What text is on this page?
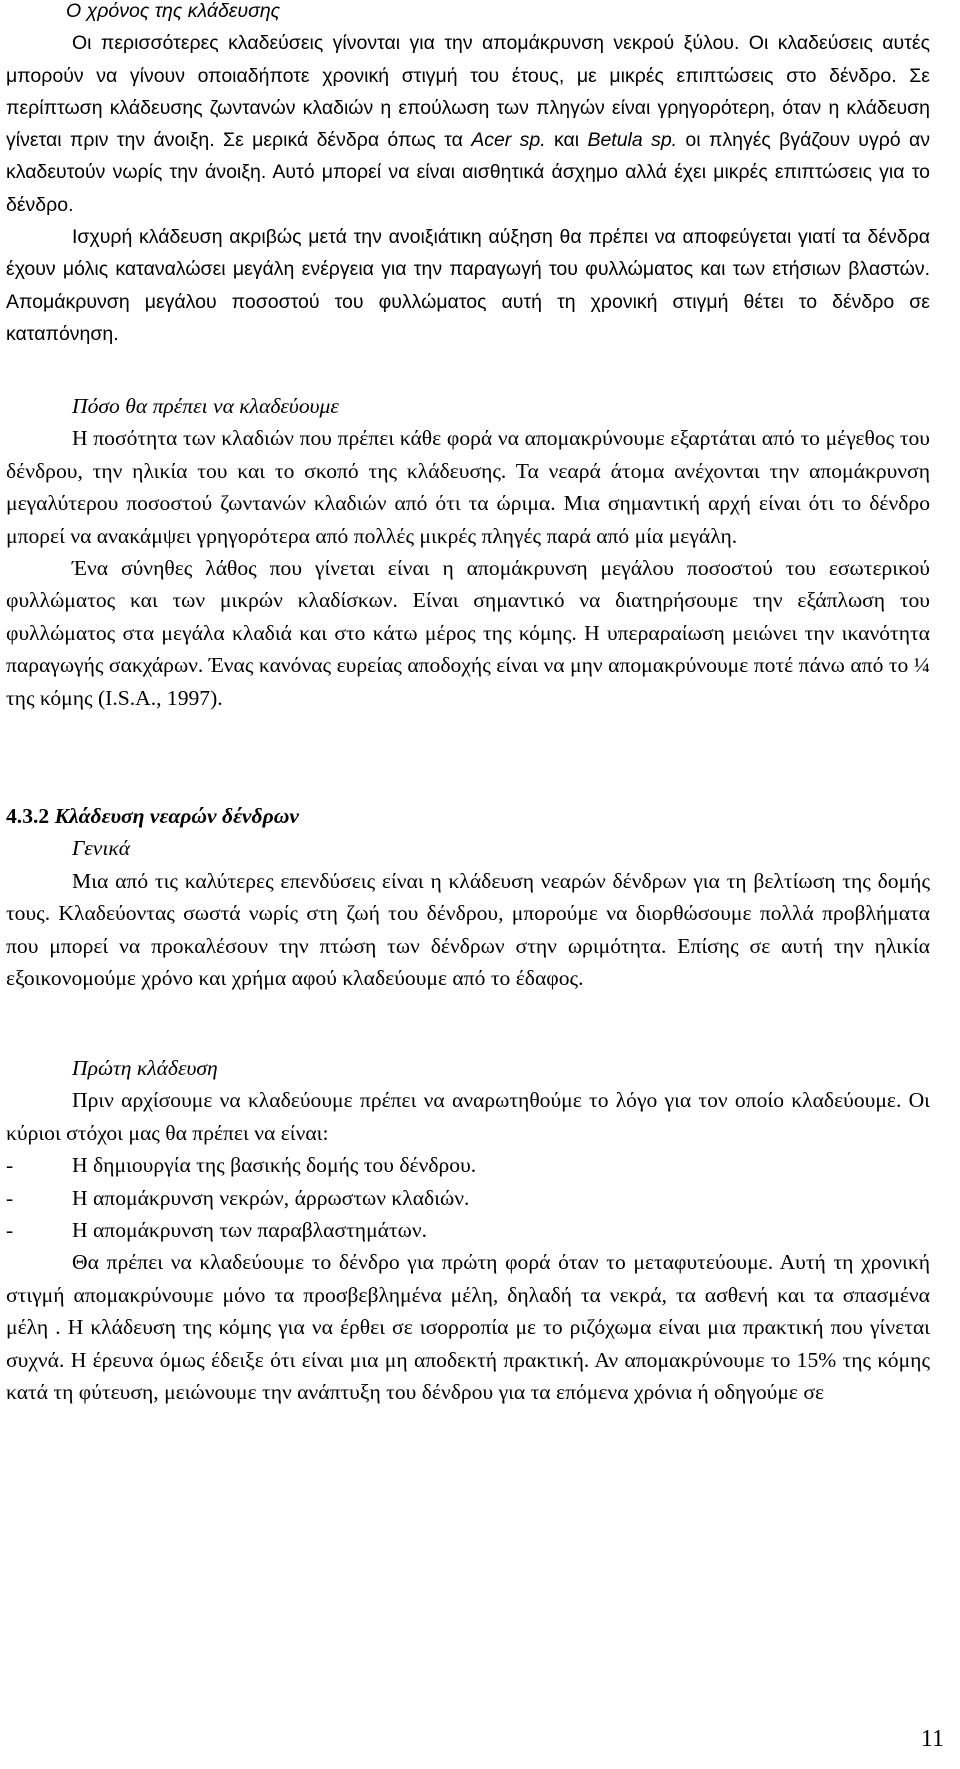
Ο χρόνος της κλάδευσης

Οι περισσότερες κλαδεύσεις γίνονται για την απομάκρυνση νεκρού ξύλου. Οι κλαδεύσεις αυτές μπορούν να γίνουν οποιαδήποτε χρονική στιγμή του έτους, με μικρές επιπτώσεις στο δένδρο. Σε περίπτωση κλάδευσης ζωντανών κλαδιών η επούλωση των πληγών είναι γρηγορότερη, όταν η κλάδευση γίνεται πριν την άνοιξη. Σε μερικά δένδρα όπως τα Acer sp. και Betula sp. οι πληγές βγάζουν υγρό αν κλαδευτούν νωρίς την άνοιξη. Αυτό μπορεί να είναι αισθητικά άσχημο αλλά έχει μικρές επιπτώσεις για το δένδρο.

Ισχυρή κλάδευση ακριβώς μετά την ανοιξιάτικη αύξηση θα πρέπει να αποφεύγεται γιατί τα δένδρα έχουν μόλις καταναλώσει μεγάλη ενέργεια για την παραγωγή του φυλλώματος και των ετήσιων βλαστών. Απομάκρυνση μεγάλου ποσοστού του φυλλώματος αυτή τη χρονική στιγμή θέτει το δένδρο σε καταπόνηση.

Πόσο θα πρέπει να κλαδεύουμε

Η ποσότητα των κλαδιών που πρέπει κάθε φορά να απομακρύνουμε εξαρτάται από το μέγεθος του δένδρου, την ηλικία του και το σκοπό της κλάδευσης. Τα νεαρά άτομα ανέχονται την απομάκρυνση μεγαλύτερου ποσοστού ζωντανών κλαδιών από ότι τα ώριμα. Μια σημαντική αρχή είναι ότι το δένδρο μπορεί να ανακάμψει γρηγορότερα από πολλές μικρές πληγές παρά από μία μεγάλη.

Ένα σύνηθες λάθος που γίνεται είναι η απομάκρυνση μεγάλου ποσοστού του εσωτερικού φυλλώματος και των μικρών κλαδίσκων. Είναι σημαντικό να διατηρήσουμε την εξάπλωση του φυλλώματος στα μεγάλα κλαδιά και στο κάτω μέρος της κόμης. Η υπεραραίωση μειώνει την ικανότητα παραγωγής σακχάρων. Ένας κανόνας ευρείας αποδοχής είναι να μην απομακρύνουμε ποτέ πάνω από το ¼ της κόμης (I.S.A., 1997).

4.3.2 Κλάδευση νεαρών δένδρων

Γενικά

Μια από τις καλύτερες επενδύσεις είναι η κλάδευση νεαρών δένδρων για τη βελτίωση της δομής τους. Κλαδεύοντας σωστά νωρίς στη ζωή του δένδρου, μπορούμε να διορθώσουμε πολλά προβλήματα που μπορεί να προκαλέσουν την πτώση των δένδρων στην ωριμότητα. Επίσης σε αυτή την ηλικία εξοικονομούμε χρόνο και χρήμα αφού κλαδεύουμε από το έδαφος.

Πρώτη κλάδευση

Πριν αρχίσουμε να κλαδεύουμε πρέπει να αναρωτηθούμε το λόγο για τον οποίο κλαδεύουμε. Οι κύριοι στόχοι μας θα πρέπει να είναι:

-	Η δημιουργία της βασικής δομής του δένδρου.
-	Η απομάκρυνση νεκρών, άρρωστων κλαδιών.
-	Η απομάκρυνση των παραβλαστημάτων.

Θα πρέπει να κλαδεύουμε το δένδρο για πρώτη φορά όταν το μεταφυτεύουμε. Αυτή τη χρονική στιγμή απομακρύνουμε μόνο τα προσβεβλημένα μέλη, δηλαδή τα νεκρά, τα ασθενή και τα σπασμένα μέλη . Η κλάδευση της κόμης για να έρθει σε ισορροπία με το ριζόχωμα είναι μια πρακτική που γίνεται συχνά. Η έρευνα όμως έδειξε ότι είναι μια μη αποδεκτή πρακτική. Αν απομακρύνουμε το 15% της κόμης κατά τη φύτευση, μειώνουμε την ανάπτυξη του δένδρου για τα επόμενα χρόνια ή οδηγούμε σε

11
